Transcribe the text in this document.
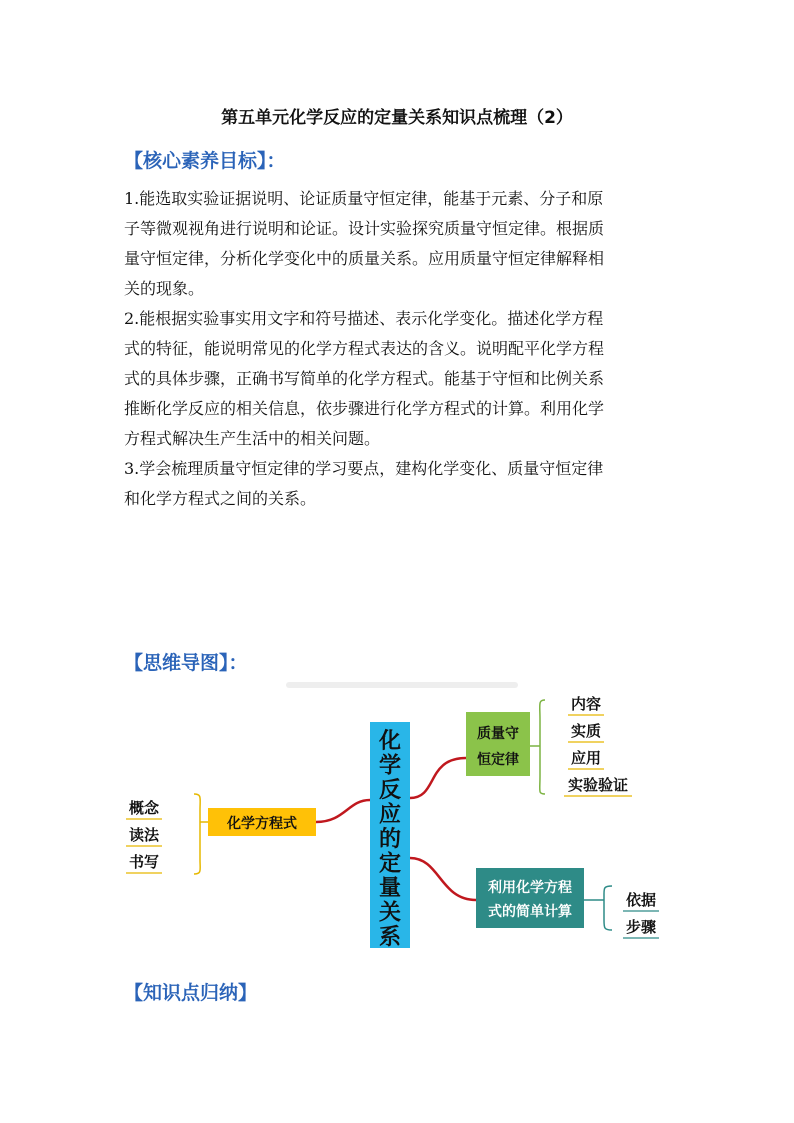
第五单元化学反应的定量关系知识点梳理（2）
【核心素养目标】：
1.能选取实验证据说明、论证质量守恒定律，能基于元素、分子和原
子等微观视角进行说明和论证。设计实验探究质量守恒定律。根据质
量守恒定律，分析化学变化中的质量关系。应用质量守恒定律解释相
关的现象。
2.能根据实验事实用文字和符号描述、表示化学变化。描述化学方程
式的特征，能说明常见的化学方程式表达的含义。说明配平化学方程
式的具体步骤，正确书写简单的化学方程式。能基于守恒和比例关系
推断化学反应的相关信息，依步骤进行化学方程式的计算。利用化学
方程式解决生产生活中的相关问题。
3.学会梳理质量守恒定律的学习要点，建构化学变化、质量守恒定律
和化学方程式之间的关系。
【思维导图】：
化学反应的定量关系
质量守
恒定律
内容
实质
应用
实验验证
化学方程式
概念
读法
书写
利用化学方程
式的简单计算
依据
步骤
【知识点归纳】
